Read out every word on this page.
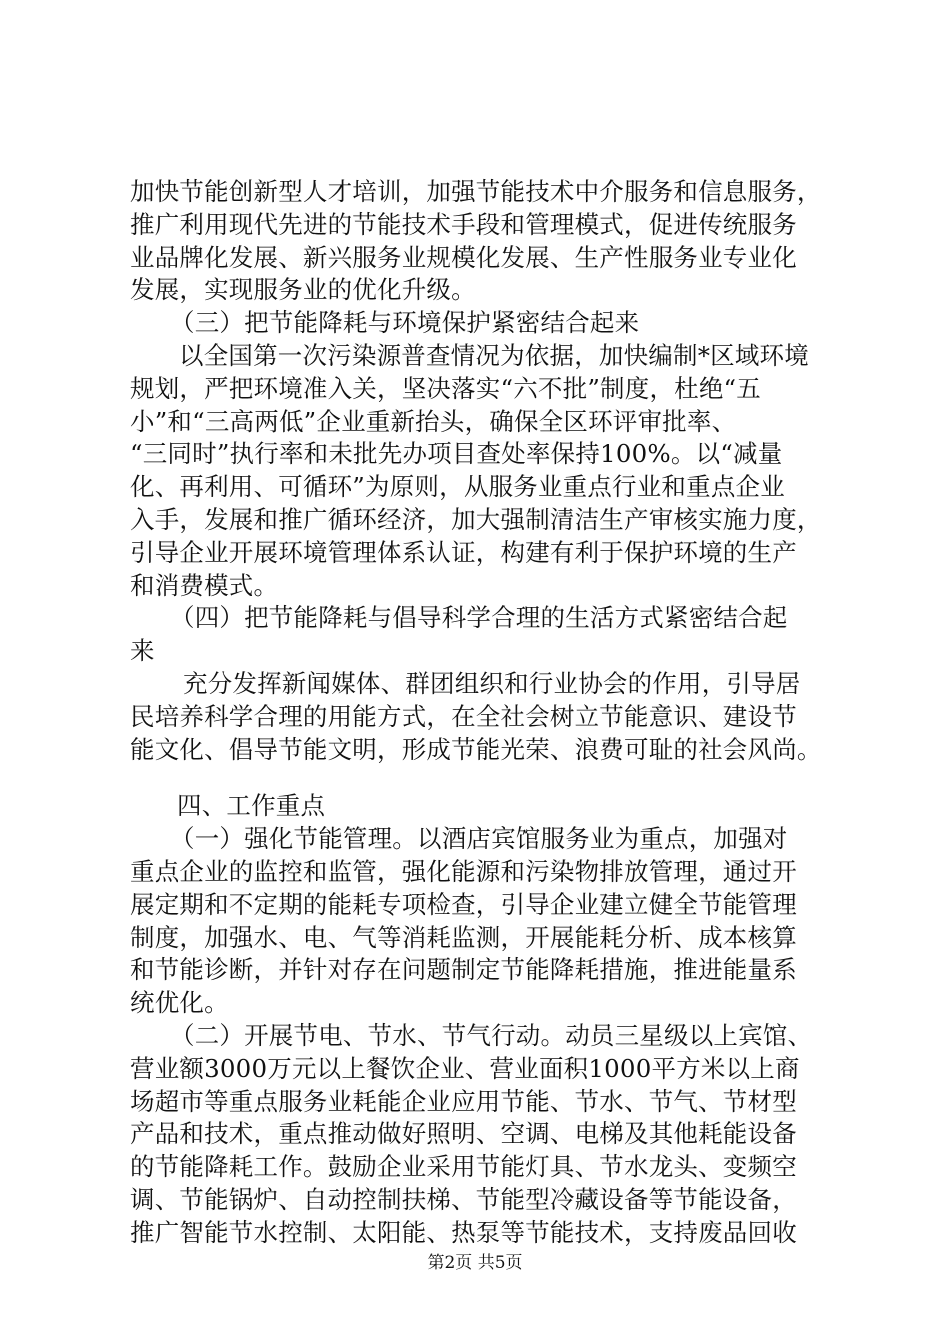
加快节能创新型人才培训，加强节能技术中介服务和信息服务，
推广利用现代先进的节能技术手段和管理模式，促进传统服务
业品牌化发展、新兴服务业规模化发展、生产性服务业专业化
发展，实现服务业的优化升级。
（三）把节能降耗与环境保护紧密结合起来
以全国第一次污染源普查情况为依据，加快编制*区域环境
规划，严把环境准入关，坚决落实“六不批”制度，杜绝“五
小”和“三高两低”企业重新抬头，确保全区环评审批率、
“三同时”执行率和未批先办项目查处率保持100%。以“减量
化、再利用、可循环”为原则，从服务业重点行业和重点企业
入手，发展和推广循环经济，加大强制清洁生产审核实施力度，
引导企业开展环境管理体系认证，构建有利于保护环境的生产
和消费模式。
（四）把节能降耗与倡导科学合理的生活方式紧密结合起
来
充分发挥新闻媒体、群团组织和行业协会的作用，引导居
民培养科学合理的用能方式，在全社会树立节能意识、建设节
能文化、倡导节能文明，形成节能光荣、浪费可耻的社会风尚。
四、工作重点
（一）强化节能管理。以酒店宾馆服务业为重点，加强对
重点企业的监控和监管，强化能源和污染物排放管理，通过开
展定期和不定期的能耗专项检查，引导企业建立健全节能管理
制度，加强水、电、气等消耗监测，开展能耗分析、成本核算
和节能诊断，并针对存在问题制定节能降耗措施，推进能量系
统优化。
（二）开展节电、节水、节气行动。动员三星级以上宾馆、
营业额3000万元以上餐饮企业、营业面积1000平方米以上商
场超市等重点服务业耗能企业应用节能、节水、节气、节材型
产品和技术，重点推动做好照明、空调、电梯及其他耗能设备
的节能降耗工作。鼓励企业采用节能灯具、节水龙头、变频空
调、节能锅炉、自动控制扶梯、节能型冷藏设备等节能设备，
推广智能节水控制、太阳能、热泵等节能技术，支持废品回收
第2页 共5页
